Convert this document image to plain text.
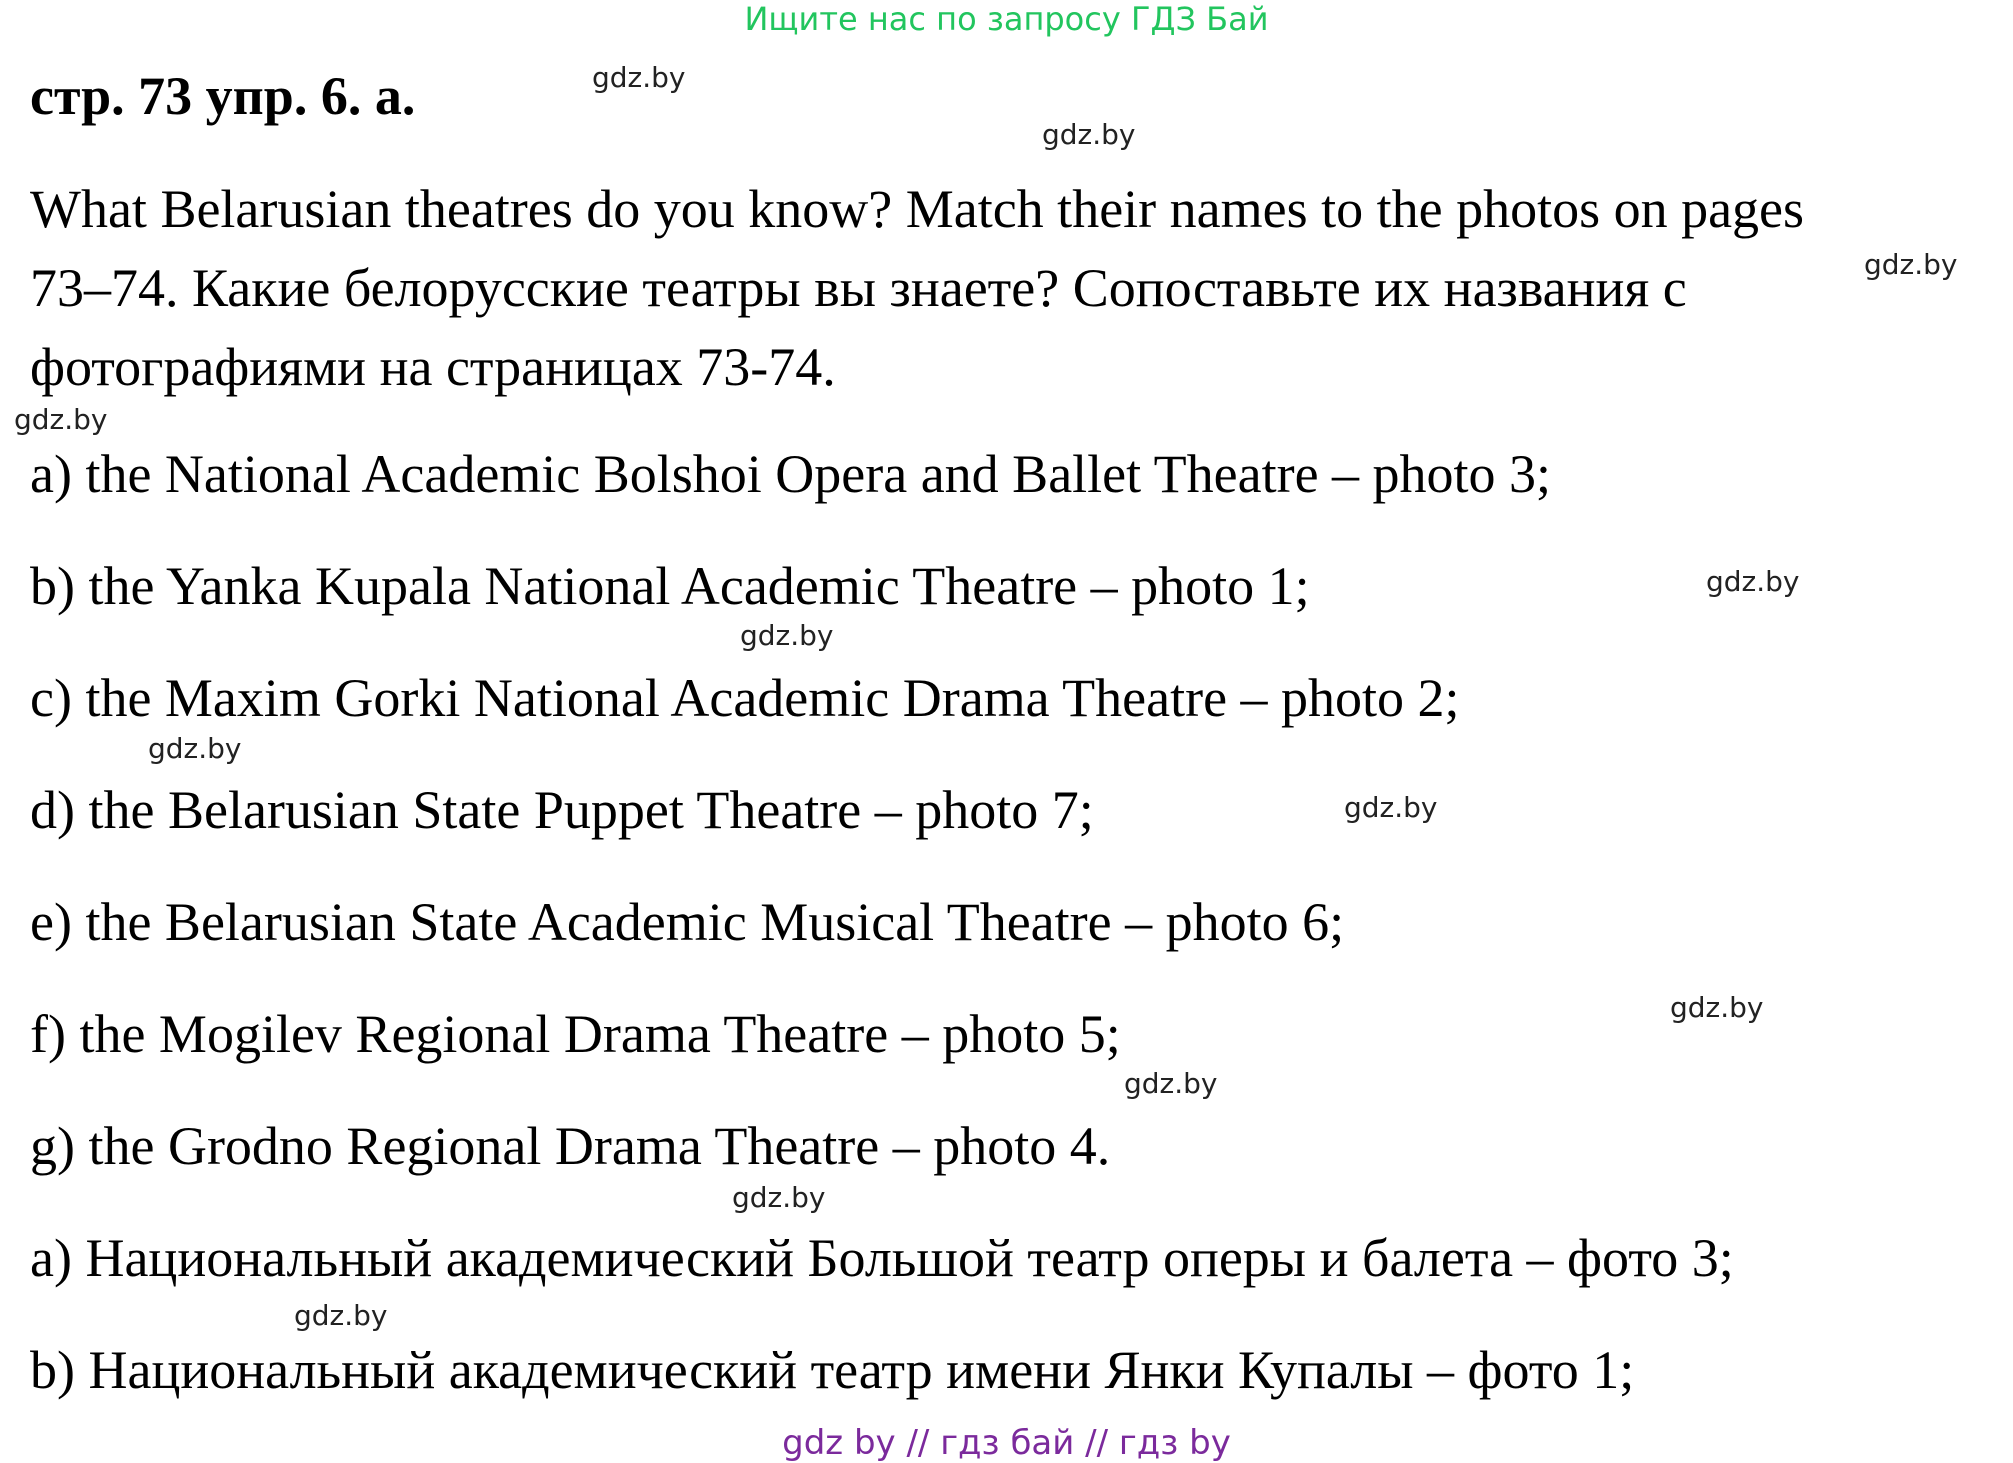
Ищите нас по запросу ГДЗ Бай
стр. 73 упр. 6. а.
What Belarusian theatres do you know? Match their names to the photos on pages
73–74. Какие белорусские театры вы знаете? Сопоставьте их названия с
фотографиями на страницах 73-74.
a) the National Academic Bolshoi Opera and Ballet Theatre – photo 3;
b) the Yanka Kupala National Academic Theatre – photo 1;
c) the Maxim Gorki National Academic Drama Theatre – photo 2;
d) the Belarusian State Puppet Theatre – photo 7;
e) the Belarusian State Academic Musical Theatre – photo 6;
f) the Mogilev Regional Drama Theatre – photo 5;
g) the Grodno Regional Drama Theatre – photo 4.
а) Национальный академический Большой театр оперы и балета – фото 3;
b) Национальный академический театр имени Янки Купалы – фото 1;
gdz.by
gdz.by
gdz.by
gdz.by
gdz.by
gdz.by
gdz.by
gdz.by
gdz.by
gdz.by
gdz.by
gdz.by
gdz by // гдз бай // гдз by
